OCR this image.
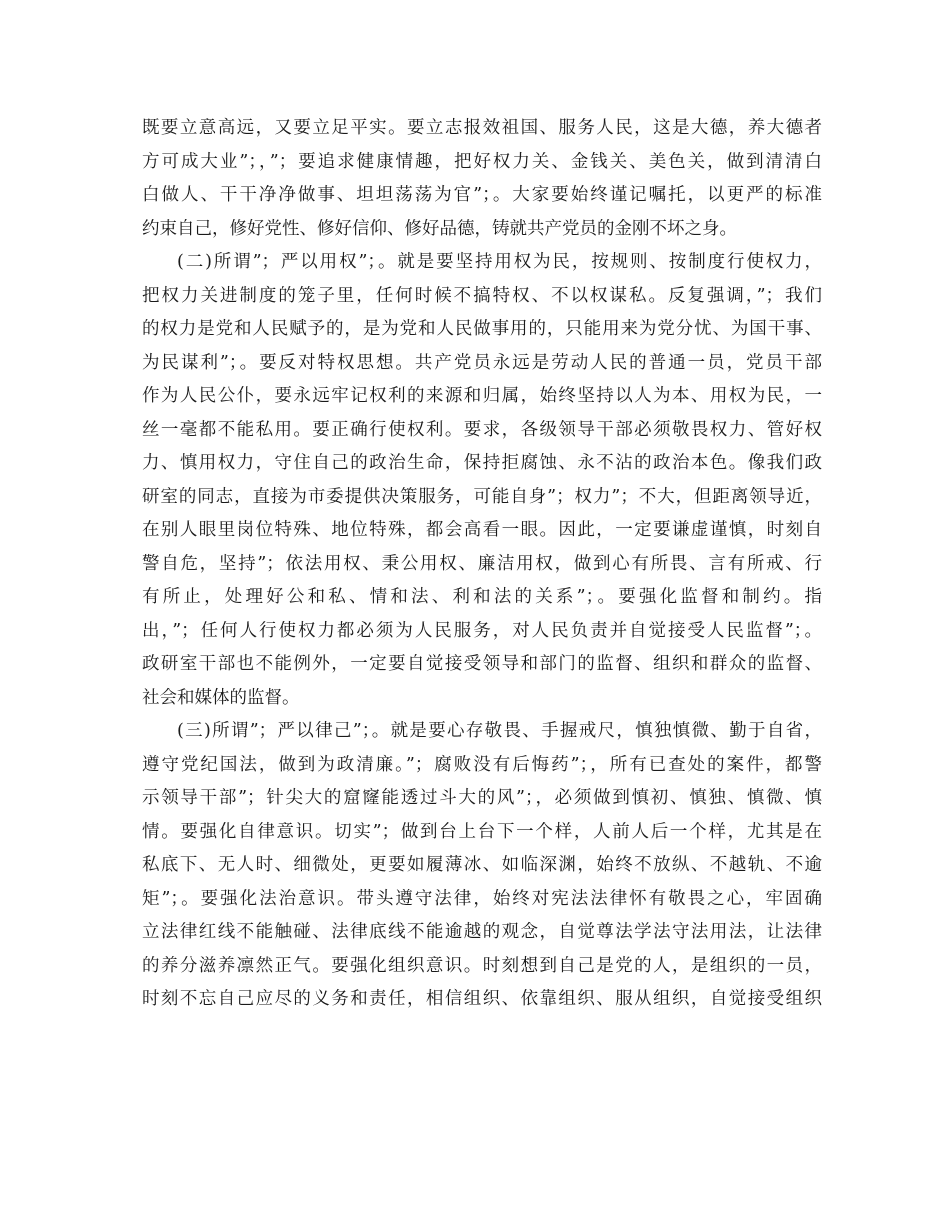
既要立意高远，又要立足平实。要立志报效祖国、服务人民，这是大德，养大德者
方可成大业”；，”；要追求健康情趣，把好权力关、金钱关、美色关，做到清清白
白做人、干干净净做事、坦坦荡荡为官”；。大家要始终谨记嘱托，以更严的标准
约束自己，修好党性、修好信仰、修好品德，铸就共产党员的金刚不坏之身。
(二)所谓”；严以用权”；。就是要坚持用权为民，按规则、按制度行使权力，
把权力关进制度的笼子里，任何时候不搞特权、不以权谋私。反复强调，”；我们
的权力是党和人民赋予的，是为党和人民做事用的，只能用来为党分忧、为国干事、
为民谋利”；。要反对特权思想。共产党员永远是劳动人民的普通一员，党员干部
作为人民公仆，要永远牢记权利的来源和归属，始终坚持以人为本、用权为民，一
丝一毫都不能私用。要正确行使权利。要求，各级领导干部必须敬畏权力、管好权
力、慎用权力，守住自己的政治生命，保持拒腐蚀、永不沾的政治本色。像我们政
研室的同志，直接为市委提供决策服务，可能自身”；权力”；不大，但距离领导近，
在别人眼里岗位特殊、地位特殊，都会高看一眼。因此，一定要谦虚谨慎，时刻自
警自危，坚持”；依法用权、秉公用权、廉洁用权，做到心有所畏、言有所戒、行
有所止，处理好公和私、情和法、利和法的关系”；。要强化监督和制约。指
出，”；任何人行使权力都必须为人民服务，对人民负责并自觉接受人民监督”；。
政研室干部也不能例外，一定要自觉接受领导和部门的监督、组织和群众的监督、
社会和媒体的监督。
(三)所谓”；严以律己”；。就是要心存敬畏、手握戒尺，慎独慎微、勤于自省，
遵守党纪国法，做到为政清廉。”；腐败没有后悔药”；，所有已查处的案件，都警
示领导干部”；针尖大的窟窿能透过斗大的风”；，必须做到慎初、慎独、慎微、慎
情。要强化自律意识。切实”；做到台上台下一个样，人前人后一个样，尤其是在
私底下、无人时、细微处，更要如履薄冰、如临深渊，始终不放纵、不越轨、不逾
矩”；。要强化法治意识。带头遵守法律，始终对宪法法律怀有敬畏之心，牢固确
立法律红线不能触碰、法律底线不能逾越的观念，自觉尊法学法守法用法，让法律
的养分滋养凛然正气。要强化组织意识。时刻想到自己是党的人，是组织的一员，
时刻不忘自己应尽的义务和责任，相信组织、依靠组织、服从组织，自觉接受组织
